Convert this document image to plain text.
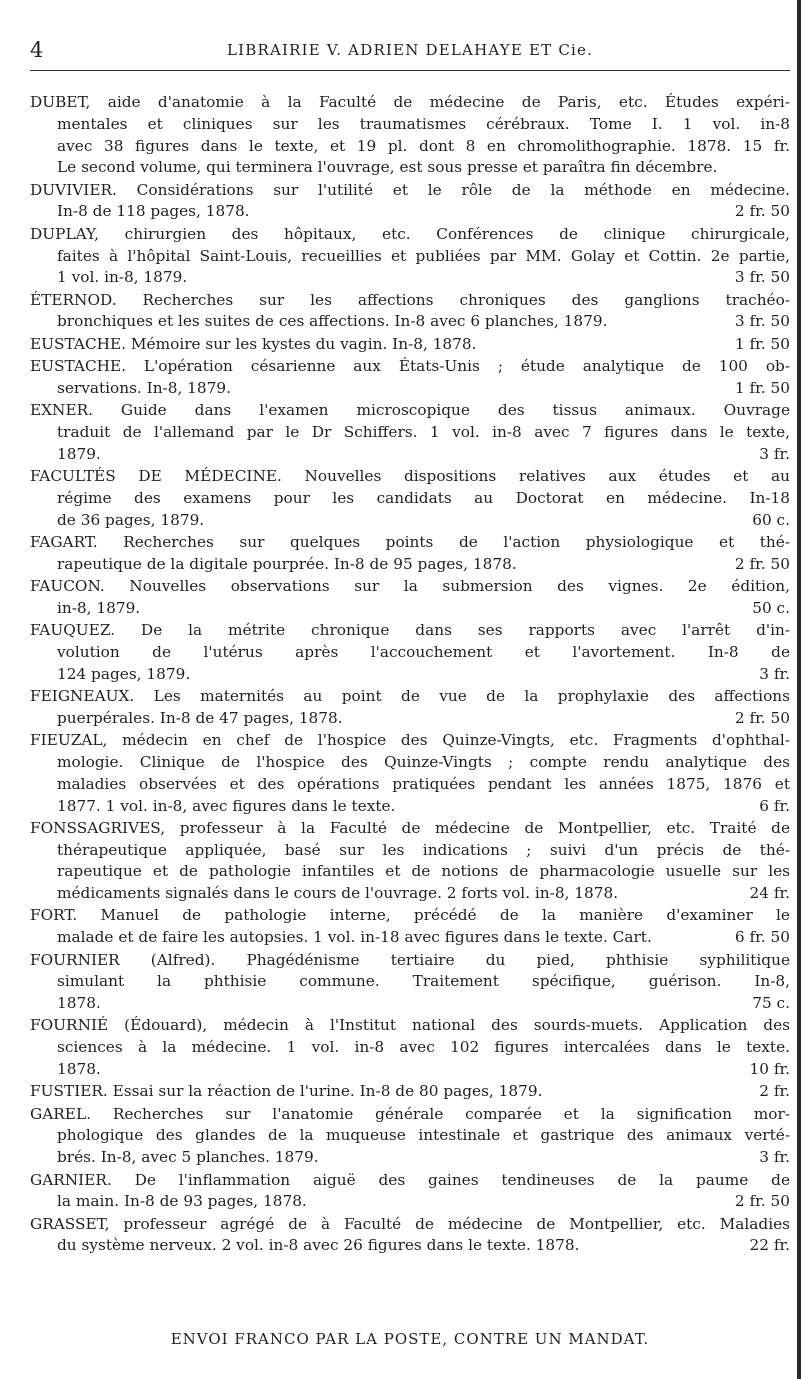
4	LIBRAIRIE V. ADRIEN DELAHAYE ET Cie.
DUBET, aide d'anatomie à la Faculté de médecine de Paris, etc. Études expéri-
mentales et cliniques sur les traumatismes cérébraux. Tome I. 1 vol. in-8
avec 38 figures dans le texte, et 19 pl. dont 8 en chromolithographie. 1878. 15 fr.
Le second volume, qui terminera l'ouvrage, est sous presse et paraîtra fin décembre.
DUVIVIER. Considérations sur l'utilité et le rôle de la méthode en médecine.
In-8 de 118 pages, 1878.	2 fr. 50
DUPLAY, chirurgien des hôpitaux, etc. Conférences de clinique chirurgicale,
faites à l'hôpital Saint-Louis, recueillies et publiées par MM. Golay et Cottin. 2e partie,
1 vol. in-8, 1879.	3 fr. 50
ÉTERNOD. Recherches sur les affections chroniques des ganglions trachéo-
bronchiques et les suites de ces affections. In-8 avec 6 planches, 1879.	3 fr. 50
EUSTACHE. Mémoire sur les kystes du vagin. In-8, 1878.	1 fr. 50
EUSTACHE. L'opération césarienne aux États-Unis ; étude analytique de 100 ob-
servations. In-8, 1879.	1 fr. 50
EXNER. Guide dans l'examen microscopique des tissus animaux. Ouvrage
traduit de l'allemand par le Dr Schiffers. 1 vol. in-8 avec 7 figures dans le texte,
1879.	3 fr.
FACULTÉS DE MÉDECINE. Nouvelles dispositions relatives aux études et au
régime des examens pour les candidats au Doctorat en médecine. In-18
de 36 pages, 1879.	60 c.
FAGART. Recherches sur quelques points de l'action physiologique et thé-
rapeutique de la digitale pourprée. In-8 de 95 pages, 1878.	2 fr. 50
FAUCON. Nouvelles observations sur la submersion des vignes. 2e édition,
in-8, 1879.	50 c.
FAUQUEZ. De la métrite chronique dans ses rapports avec l'arrêt d'in-
volution de l'utérus après l'accouchement et l'avortement. In-8 de
124 pages, 1879.	3 fr.
FEIGNEAUX. Les maternités au point de vue de la prophylaxie des affections
puerpérales. In-8 de 47 pages, 1878.	2 fr. 50
FIEUZAL, médecin en chef de l'hospice des Quinze-Vingts, etc. Fragments d'ophthal-
mologie. Clinique de l'hospice des Quinze-Vingts ; compte rendu analytique des
maladies observées et des opérations pratiquées pendant les années 1875, 1876 et
1877. 1 vol. in-8, avec figures dans le texte.	6 fr.
FONSSAGRIVES, professeur à la Faculté de médecine de Montpellier, etc. Traité de
thérapeutique appliquée, basé sur les indications ; suivi d'un précis de thé-
rapeutique et de pathologie infantiles et de notions de pharmacologie usuelle sur les
médicaments signalés dans le cours de l'ouvrage. 2 forts vol. in-8, 1878.	24 fr.
FORT. Manuel de pathologie interne, précédé de la manière d'examiner le
malade et de faire les autopsies. 1 vol. in-18 avec figures dans le texte. Cart.	6 fr. 50
FOURNIER (Alfred). Phagédénisme tertiaire du pied, phthisie syphilitique
simulant la phthisie commune. Traitement spécifique, guérison. In-8,
1878.	75 c.
FOURNIÉ (Édouard), médecin à l'Institut national des sourds-muets. Application des
sciences à la médecine. 1 vol. in-8 avec 102 figures intercalées dans le texte.
1878.	10 fr.
FUSTIER. Essai sur la réaction de l'urine. In-8 de 80 pages, 1879.	2 fr.
GAREL. Recherches sur l'anatomie générale comparée et la signification mor-
phologique des glandes de la muqueuse intestinale et gastrique des animaux verté-
brés. In-8, avec 5 planches. 1879.	3 fr.
GARNIER. De l'inflammation aiguë des gaines tendineuses de la paume de
la main. In-8 de 93 pages, 1878.	2 fr. 50
GRASSET, professeur agrégé de à Faculté de médecine de Montpellier, etc. Maladies
du système nerveux. 2 vol. in-8 avec 26 figures dans le texte. 1878.	22 fr.
ENVOI FRANCO PAR LA POSTE, CONTRE UN MANDAT.
